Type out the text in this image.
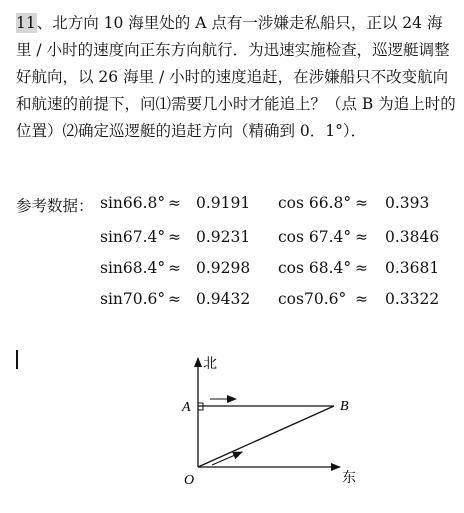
11、北方向 10 海里处的 A 点有一涉嫌走私船只，正以 24 海里 / 小时的速度向正东方向航行．为迅速实施检查，巡逻艇调整好航向，以 26 海里 / 小时的速度追赶，在涉嫌船只不改变航向和航速的前提下，问⑴需要几小时才能追上？（点 B 为追上时的位置）⑵确定巡逻艇的追赶方向（精确到 0．1°）．
参考数据： sin66.8° ≈ 0.9191 cos 66.8° ≈ 0.393
sin67.4° ≈ 0.9231 cos 67.4° ≈ 0.3846
sin68.4° ≈ 0.9298 cos 68.4° ≈ 0.3681
sin70.6° ≈ 0.9432 cos70.6° ≈ 0.3322
北
东
A	B
O
